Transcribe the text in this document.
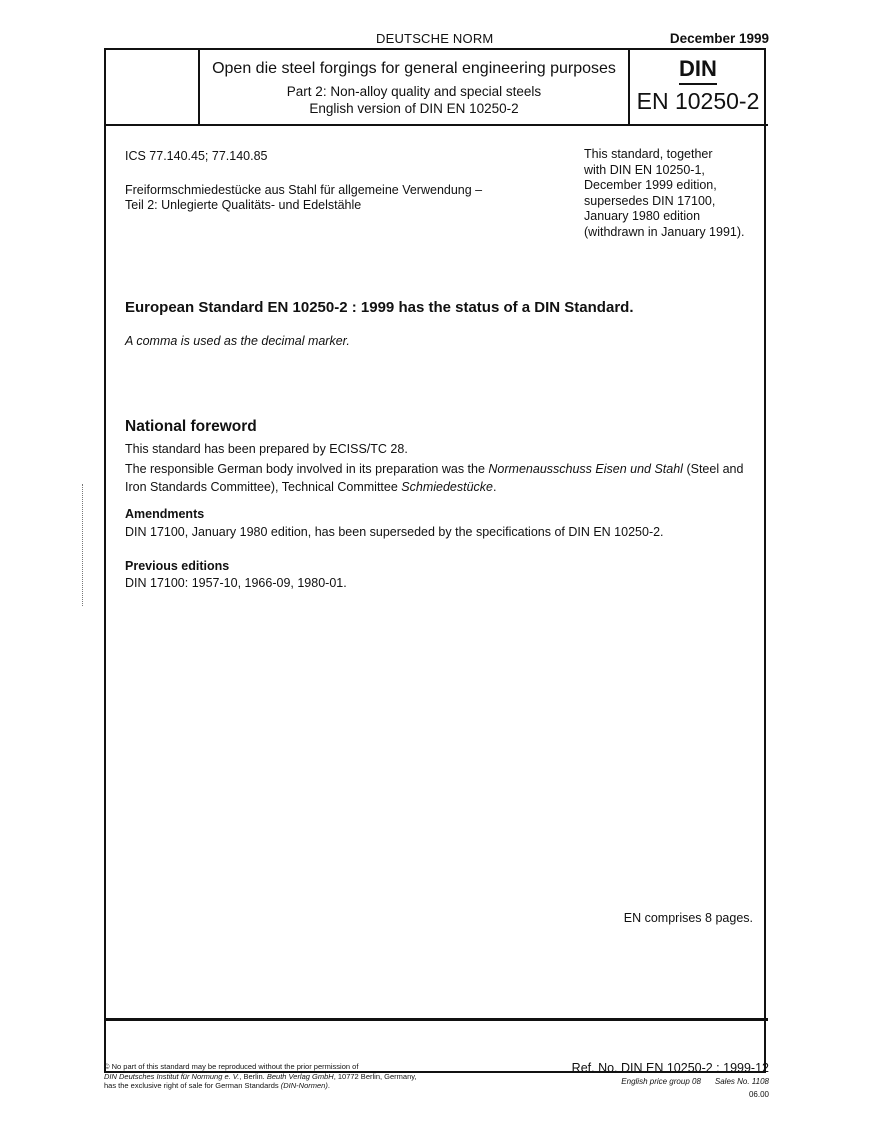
DEUTSCHE NORM	December 1999
Open die steel forgings for general engineering purposes
Part 2: Non-alloy quality and special steels
English version of DIN EN 10250-2
DIN
EN 10250-2
ICS 77.140.45; 77.140.85
Freiformschmiedestücke aus Stahl für allgemeine Verwendung –
Teil 2: Unlegierte Qualitäts- und Edelstähle
This standard, together
with DIN EN 10250-1,
December 1999 edition,
supersedes DIN 17100,
January 1980 edition
(withdrawn in January 1991).
European Standard EN 10250-2 : 1999 has the status of a DIN Standard.
A comma is used as the decimal marker.
National foreword
This standard has been prepared by ECISS/TC 28.
The responsible German body involved in its preparation was the Normenausschuss Eisen und Stahl (Steel and Iron Standards Committee), Technical Committee Schmiedestücke.
Amendments
DIN 17100, January 1980 edition, has been superseded by the specifications of DIN EN 10250-2.
Previous editions
DIN 17100: 1957-10, 1966-09, 1980-01.
EN comprises 8 pages.
© No part of this standard may be reproduced without the prior permission of
DIN Deutsches Institut für Normung e. V., Berlin. Beuth Verlag GmbH, 10772 Berlin, Germany,
has the exclusive right of sale for German Standards (DIN-Normen).
Ref. No. DIN EN 10250-2 : 1999-12
English price group 08 Sales No. 1108
06.00
